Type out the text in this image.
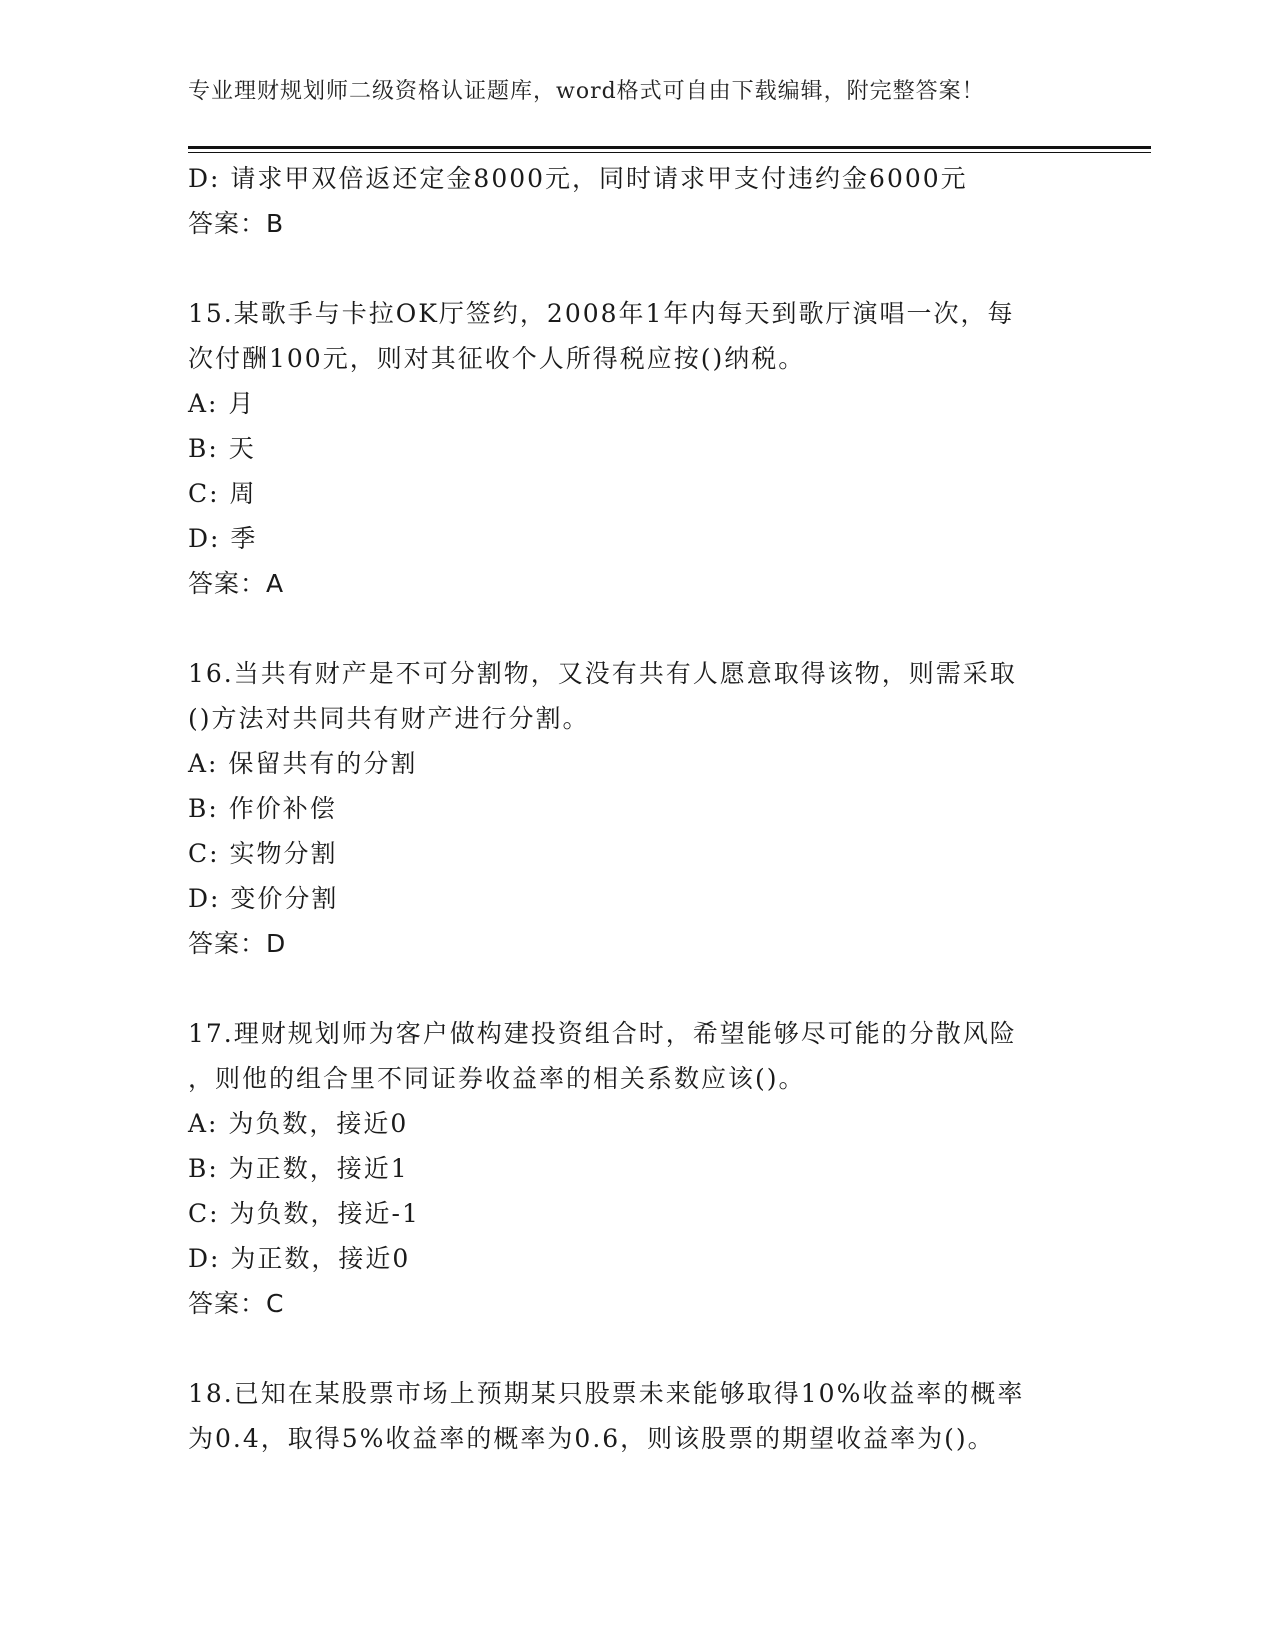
专业理财规划师二级资格认证题库，word格式可自由下载编辑，附完整答案！
D: 请求甲双倍返还定金8000元，同时请求甲支付违约金6000元
答案：B
15.某歌手与卡拉OK厅签约，2008年1年内每天到歌厅演唱一次，每
次付酬100元，则对其征收个人所得税应按()纳税。
A: 月
B: 天
C: 周
D: 季
答案：A
16.当共有财产是不可分割物，又没有共有人愿意取得该物，则需采取
()方法对共同共有财产进行分割。
A: 保留共有的分割
B: 作价补偿
C: 实物分割
D: 变价分割
答案：D
17.理财规划师为客户做构建投资组合时，希望能够尽可能的分散风险
，则他的组合里不同证券收益率的相关系数应该()。
A: 为负数，接近0
B: 为正数，接近1
C: 为负数，接近-1
D: 为正数，接近0
答案：C
18.已知在某股票市场上预期某只股票未来能够取得10%收益率的概率
为0.4，取得5%收益率的概率为0.6，则该股票的期望收益率为()。
